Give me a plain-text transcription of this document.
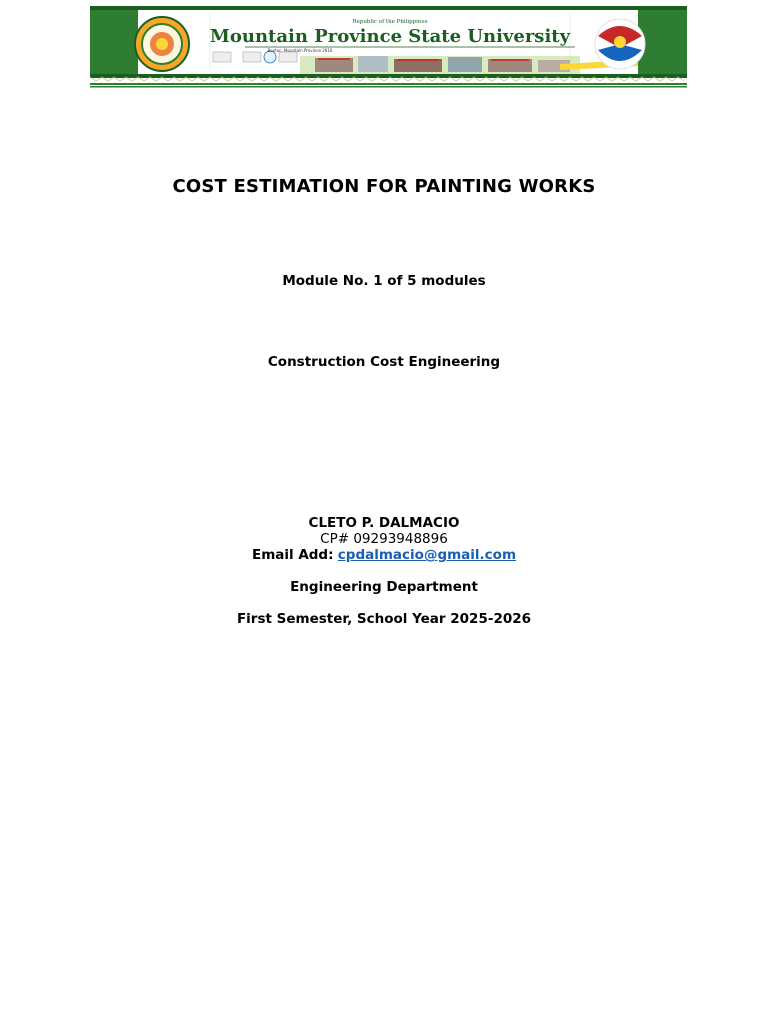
Republic of the Philippines
Mountain Province State University
Bontoc, Mountain Province 2616
COST ESTIMATION FOR PAINTING WORKS
Module No. 1 of 5 modules
Construction Cost Engineering
CLETO P. DALMACIO
CP# 09293948896
Email Add: cpdalmacio@gmail.com
Engineering Department
First Semester, School Year 2025-2026
